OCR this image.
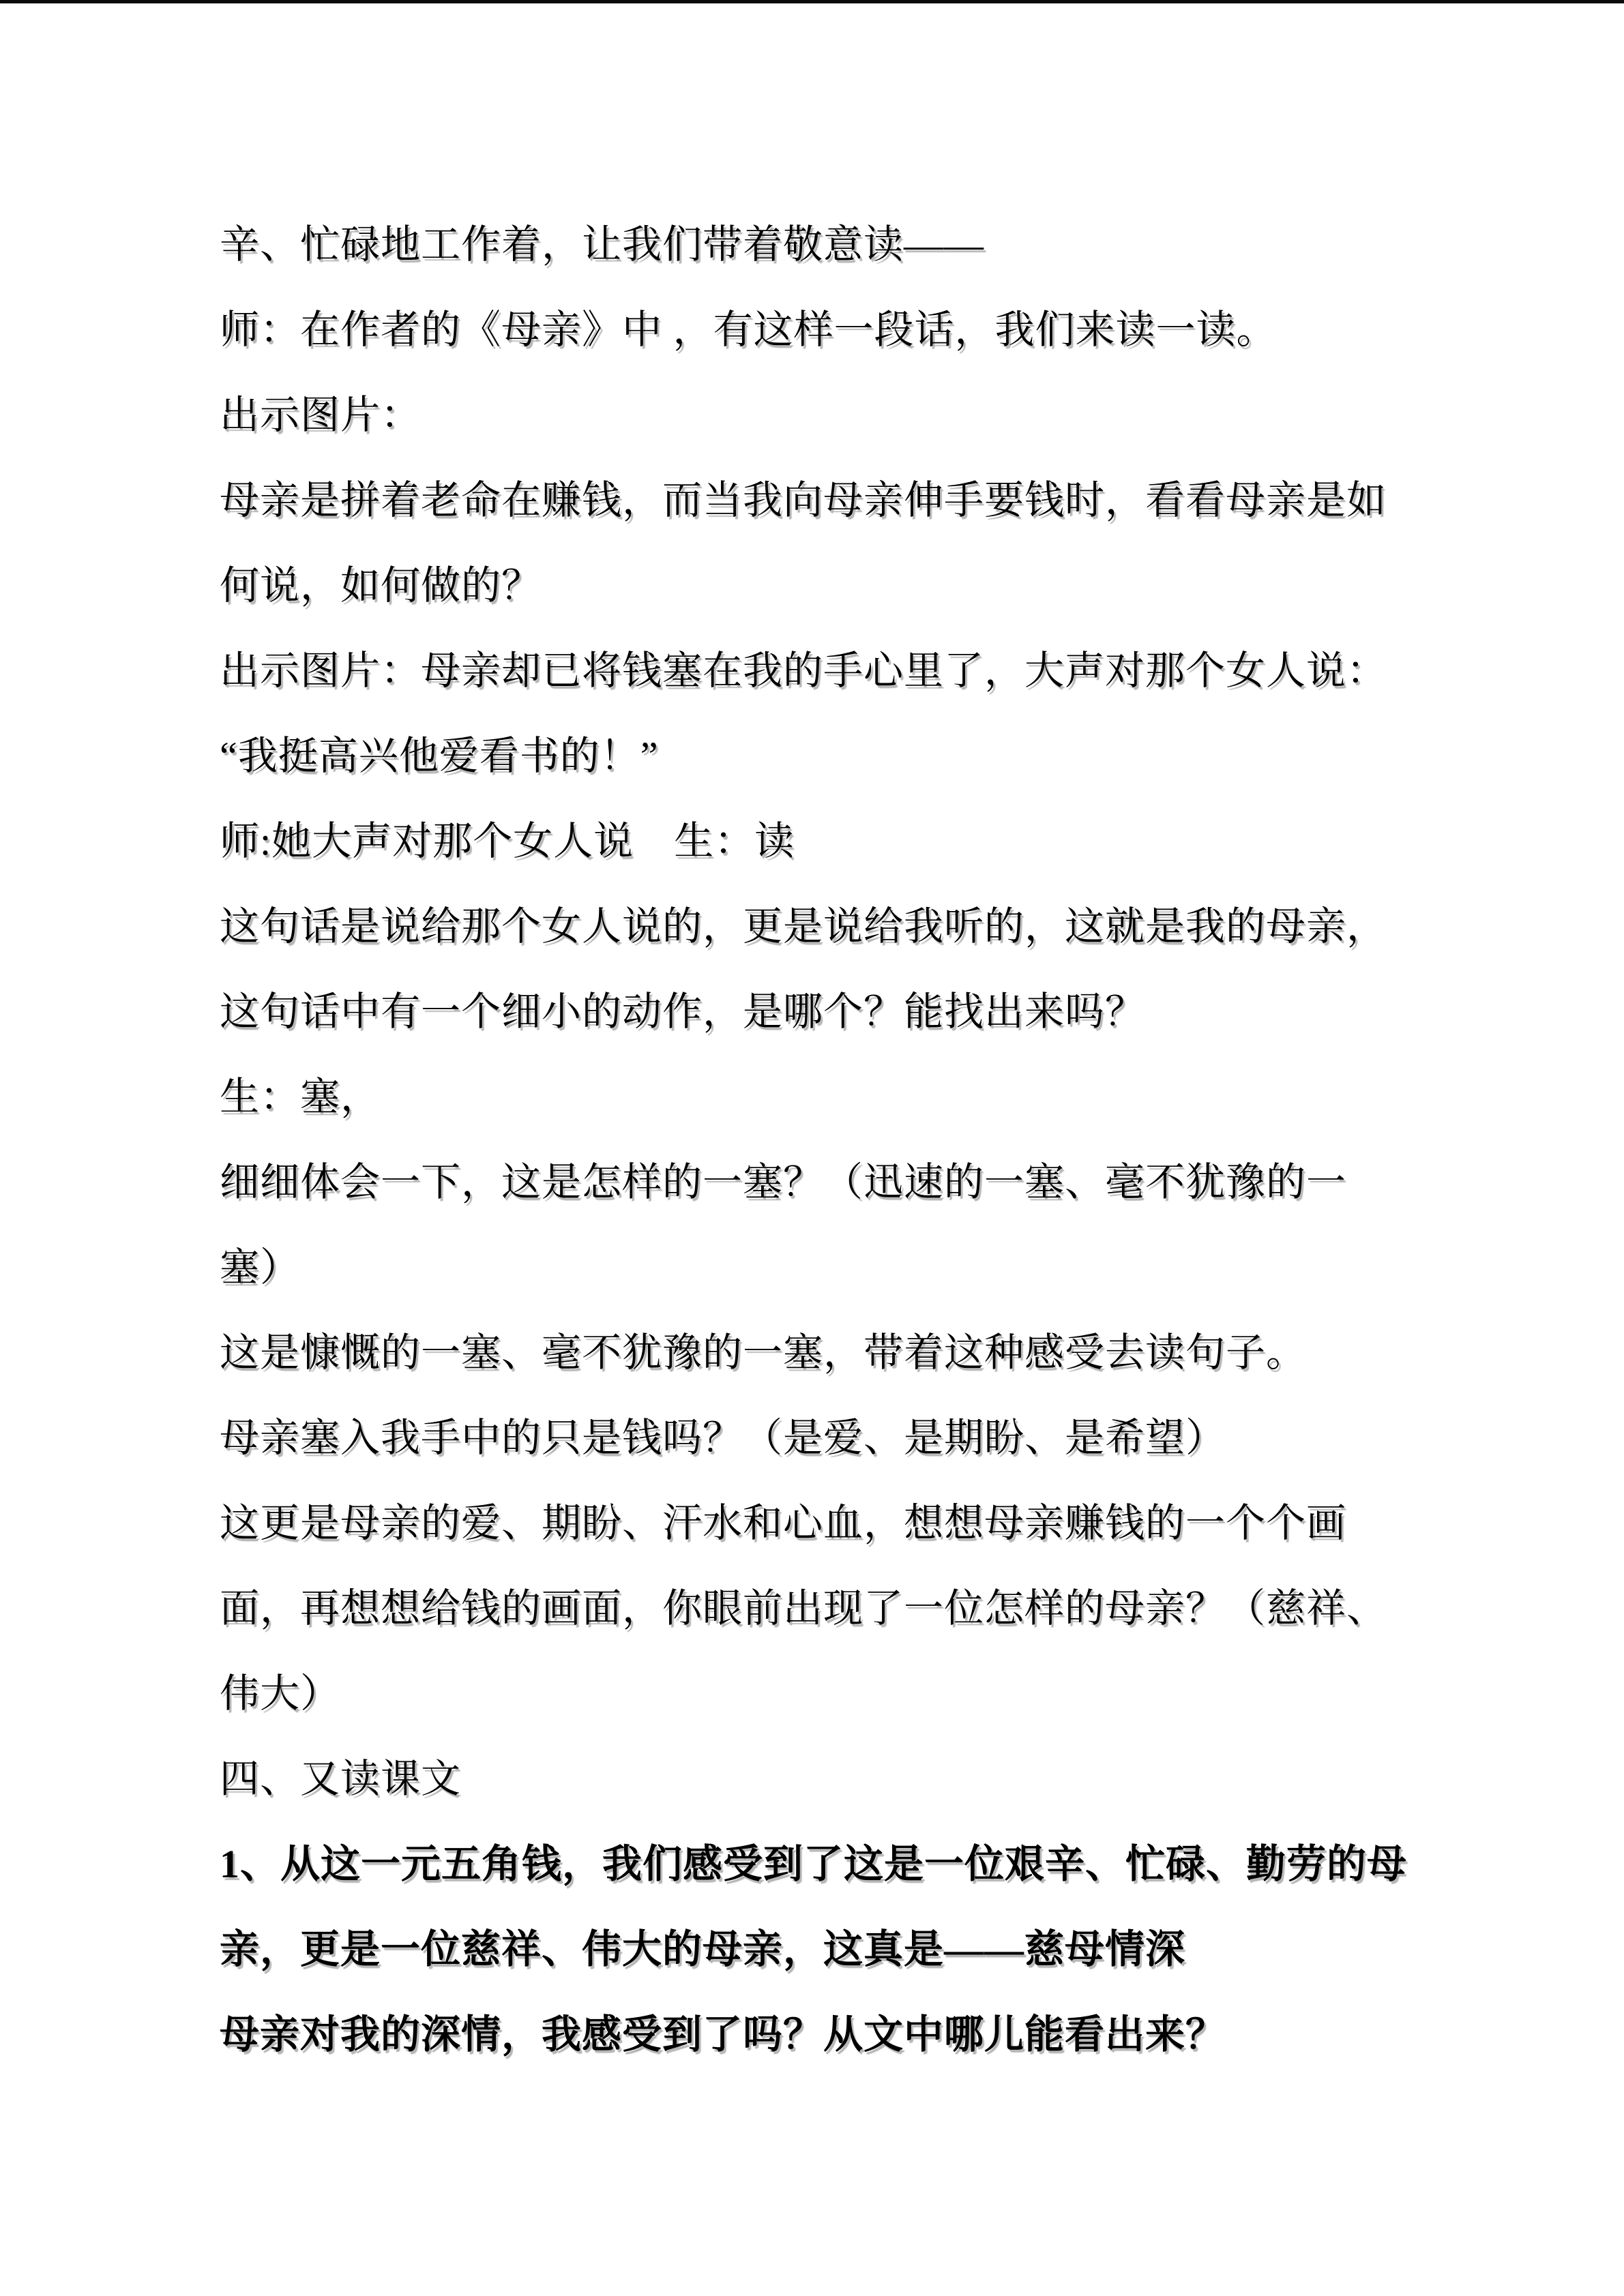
辛、忙碌地工作着，让我们带着敬意读——
师：在作者的《母亲》中 ，有这样一段话，我们来读一读。
出示图片：
母亲是拼着老命在赚钱，而当我向母亲伸手要钱时，看看母亲是如
何说，如何做的？
出示图片：母亲却已将钱塞在我的手心里了，大声对那个女人说：
“我挺高兴他爱看书的！”
师:她大声对那个女人说　生：读
这句话是说给那个女人说的，更是说给我听的，这就是我的母亲，
这句话中有一个细小的动作，是哪个？能找出来吗？
生：塞，
细细体会一下，这是怎样的一塞？（迅速的一塞、毫不犹豫的一
塞）
这是慷慨的一塞、毫不犹豫的一塞，带着这种感受去读句子。
母亲塞入我手中的只是钱吗？（是爱、是期盼、是希望）
这更是母亲的爱、期盼、汗水和心血，想想母亲赚钱的一个个画
面，再想想给钱的画面，你眼前出现了一位怎样的母亲？（慈祥、
伟大）
四、又读课文
1、从这一元五角钱，我们感受到了这是一位艰辛、忙碌、勤劳的母
亲，更是一位慈祥、伟大的母亲，这真是——慈母情深
母亲对我的深情，我感受到了吗？从文中哪儿能看出来？
